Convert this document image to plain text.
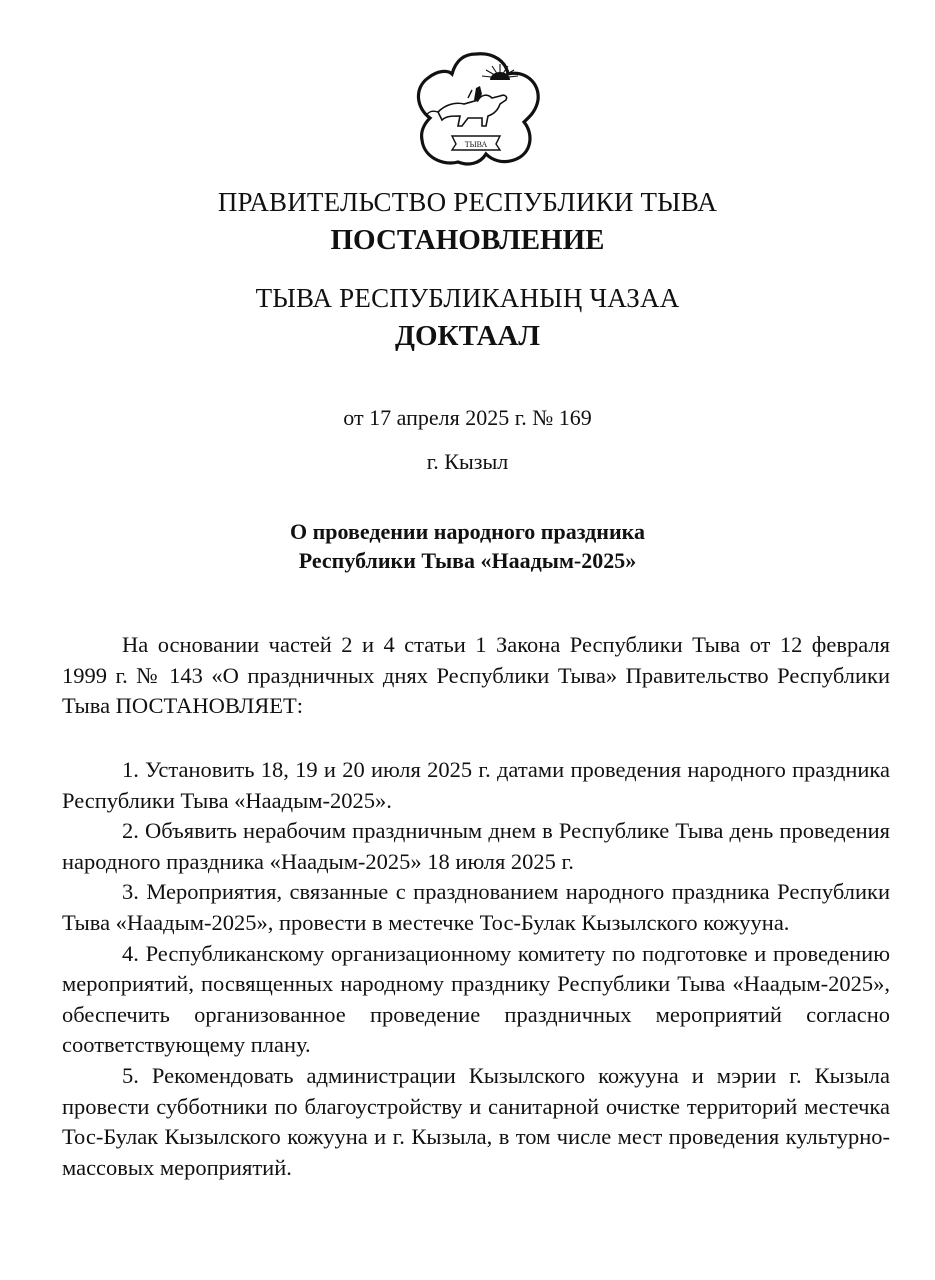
ТЫВА
ПРАВИТЕЛЬСТВО РЕСПУБЛИКИ ТЫВА
ПОСТАНОВЛЕНИЕ
ТЫВА РЕСПУБЛИКАНЫҢ ЧАЗАА
ДОКТААЛ
от 17 апреля 2025 г. № 169
г. Кызыл
О проведении народного праздника
Республики Тыва «Наадым-2025»
На основании частей 2 и 4 статьи 1 Закона Республики Тыва от 12 февраля 1999 г. № 143 «О праздничных днях Республики Тыва» Правительство Республики Тыва ПОСТАНОВЛЯЕТ:

1. Установить 18, 19 и 20 июля 2025 г. датами проведения народного праздника Республики Тыва «Наадым-2025».

2. Объявить нерабочим праздничным днем в Республике Тыва день проведения народного праздника «Наадым-2025» 18 июля 2025 г.

3. Мероприятия, связанные с празднованием народного праздника Республики Тыва «Наадым-2025», провести в местечке Тос-Булак Кызылского кожууна.

4. Республиканскому организационному комитету по подготовке и проведению мероприятий, посвященных народному празднику Республики Тыва «Наадым-2025», обеспечить организованное проведение праздничных мероприятий согласно соответствующему плану.

5. Рекомендовать администрации Кызылского кожууна и мэрии г. Кызыла провести субботники по благоустройству и санитарной очистке территорий местечка Тос-Булак Кызылского кожууна и г. Кызыла, в том числе мест проведения культурно-массовых мероприятий.
